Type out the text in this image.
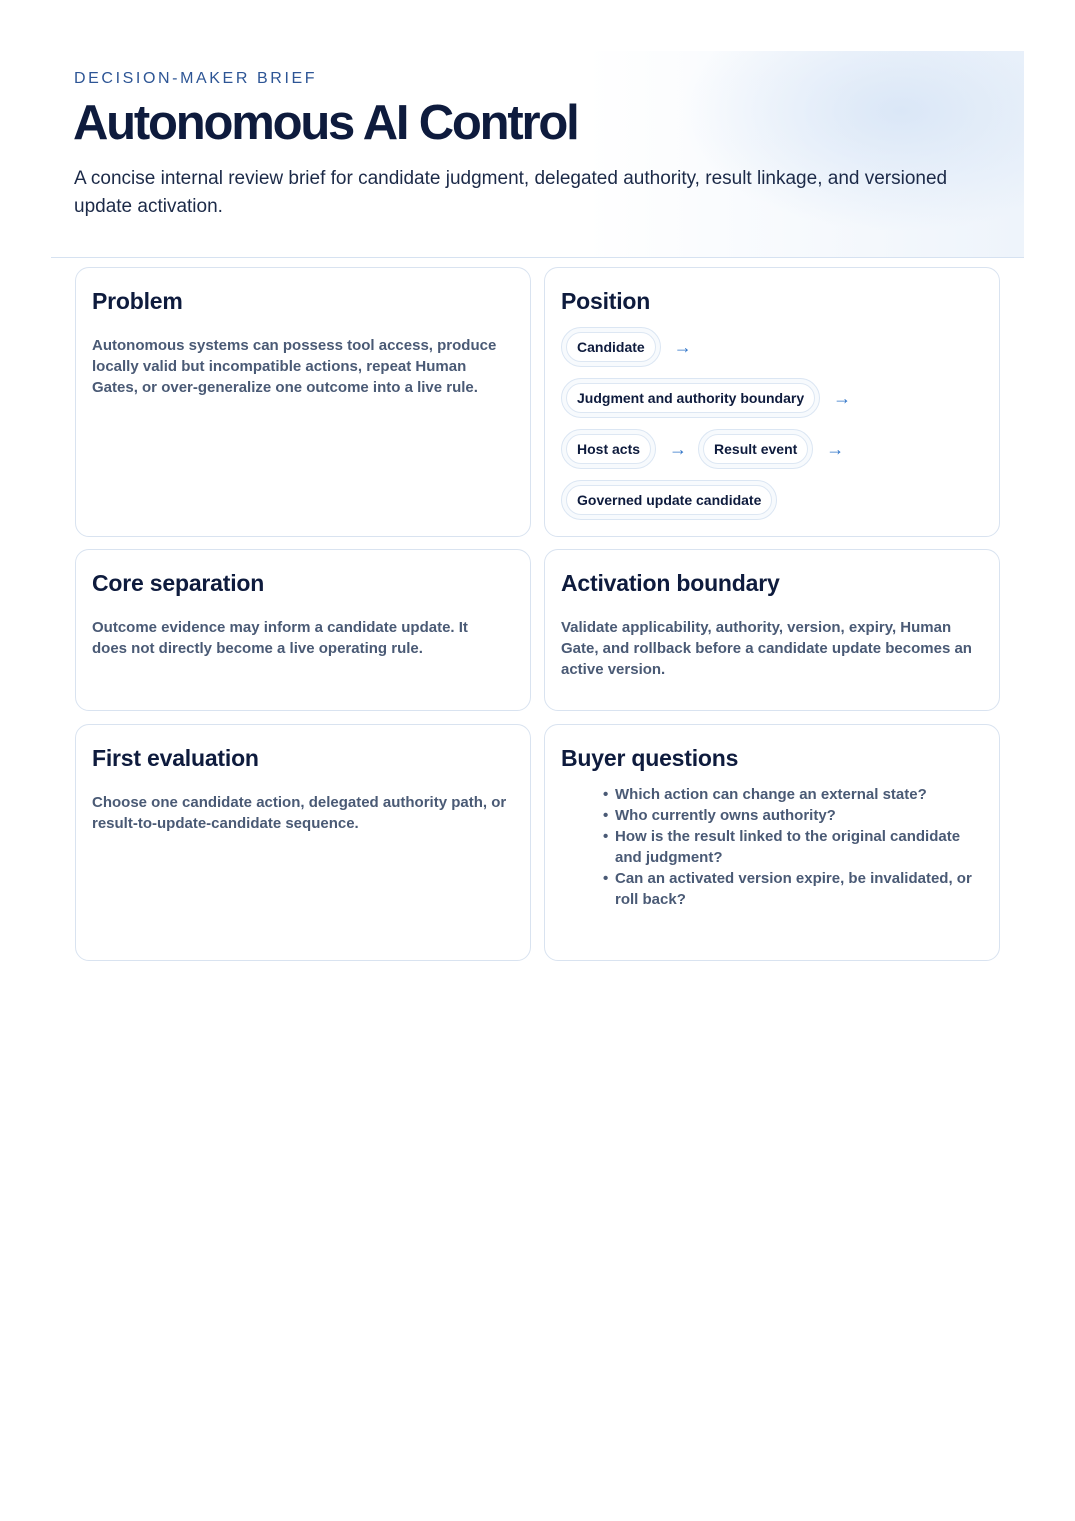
DECISION-MAKER BRIEF
Autonomous AI Control

A concise internal review brief for candidate judgment, delegated authority, result linkage, and versioned update activation.

Problem

Autonomous systems can possess tool access, produce locally valid but incompatible actions, repeat Human Gates, or over-generalize one outcome into a live rule.

Position
Candidate	→
Judgment and authority boundary	→
Host acts	→	Result event	→
Governed update candidate
Core separation

Outcome evidence may inform a candidate update. It does not directly become a live operating rule.

Activation boundary

Validate applicability, authority, version, expiry, Human Gate, and rollback before a candidate update becomes an active version.

First evaluation

Choose one candidate action, delegated authority path, or result-to-update-candidate sequence.

Buyer questions
• Which action can change an external state?
• Who currently owns authority?
• How is the result linked to the original candidate and judgment?
• Can an activated version expire, be invalidated, or roll back?
